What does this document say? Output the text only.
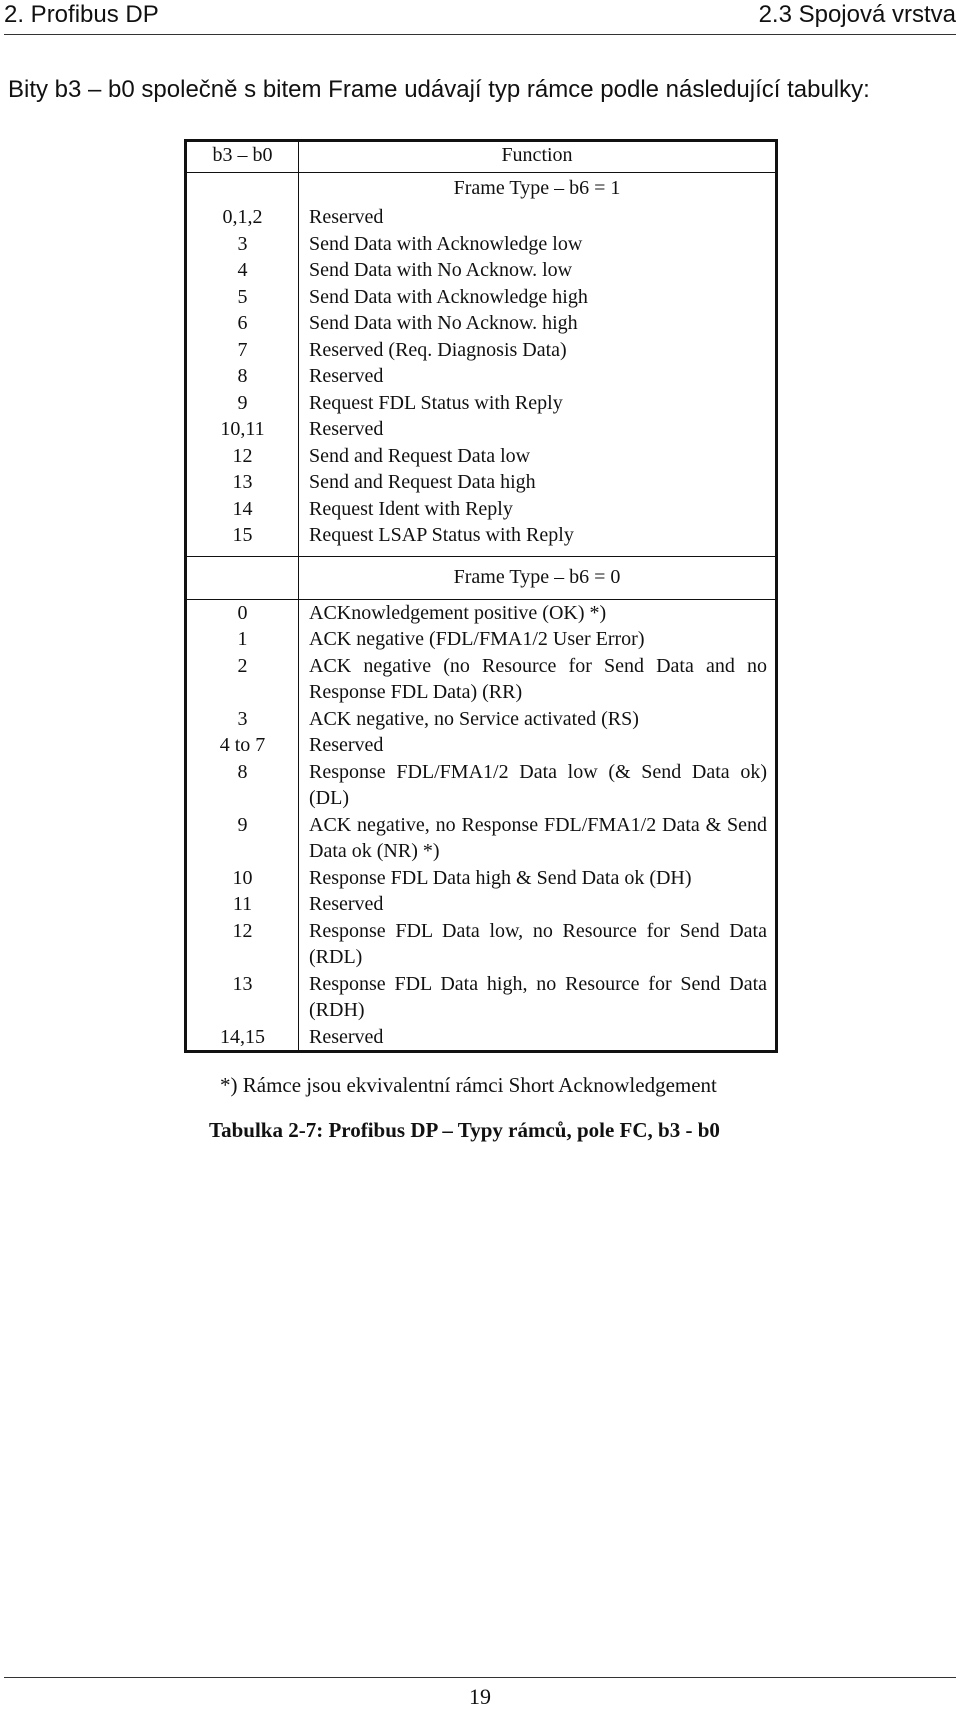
2. Profibus DP	2.3 Spojová vrstva
Bity b3 – b0 společně s bitem Frame udávají typ rámce podle následující tabulky:
b3 – b0	Function
	Frame Type – b6 = 1
0,1,2	Reserved
3	Send Data with Acknowledge low
4	Send Data with No Acknow. low
5	Send Data with Acknowledge high
6	Send Data with No Acknow. high
7	Reserved (Req. Diagnosis Data)
8	Reserved
9	Request FDL Status with Reply
10,11	Reserved
12	Send and Request Data low
13	Send and Request Data high
14	Request Ident with Reply
15	Request LSAP Status with Reply

	Frame Type – b6 = 0
0	ACKnowledgement positive (OK) *)
1	ACK negative (FDL/FMA1/2 User Error)
2	ACK negative (no Resource for Send Data and no Response FDL Data) (RR)
3	ACK negative, no Service activated (RS)
4 to 7	Reserved
8	Response FDL/FMA1/2 Data low (& Send Data ok) (DL)
9	ACK negative, no Response FDL/FMA1/2 Data & Send Data ok (NR) *)
10	Response FDL Data high & Send Data ok (DH)
11	Reserved
12	Response FDL Data low, no Resource for Send Data (RDL)
13	Response FDL Data high, no Resource for Send Data (RDH)
14,15	Reserved
*) Rámce jsou ekvivalentní rámci Short Acknowledgement
Tabulka 2-7: Profibus DP – Typy rámců, pole FC, b3 - b0
19
